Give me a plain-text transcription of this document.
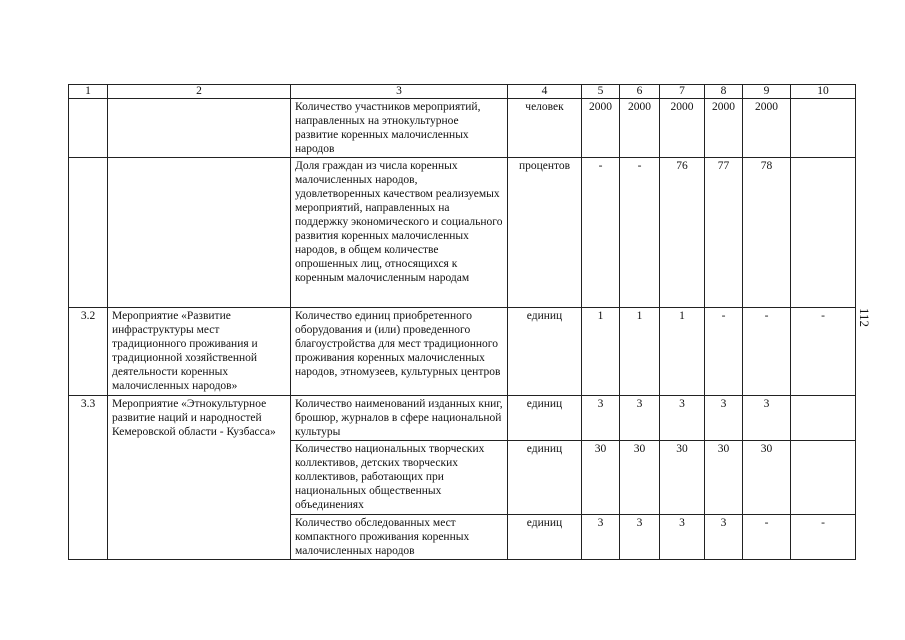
1	2	3	4	5	6	7	8	9	10
		Количество участников мероприятий, направленных на этнокультурное развитие коренных малочисленных народов	человек	2000	2000	2000	2000	2000	
		Доля граждан из числа коренных малочисленных народов, удовлетворенных качеством реализуемых мероприятий, направленных на поддержку экономического и социального развития коренных малочисленных народов, в общем количестве опрошенных лиц, относящихся к коренным малочисленным народам	процентов	-	-	76	77	78	
3.2	Мероприятие «Развитие инфраструктуры мест традиционного проживания и традиционной хозяйственной деятельности коренных малочисленных народов»	Количество единиц приобретенного оборудования и (или) проведенного благоустройства для мест традиционного проживания коренных малочисленных народов, этномузеев, культурных центров	единиц	1	1	1	-	-	-
3.3	Мероприятие «Этнокультурное развитие наций и народностей Кемеровской области - Кузбасса»	Количество наименований изданных книг, брошюр, журналов в сфере национальной культуры	единиц	3	3	3	3	3	
		Количество национальных творческих коллективов, детских творческих коллективов, работающих при национальных общественных объединениях	единиц	30	30	30	30	30	
		Количество обследованных мест компактного проживания коренных малочисленных народов	единиц	3	3	3	3	-	-
112
